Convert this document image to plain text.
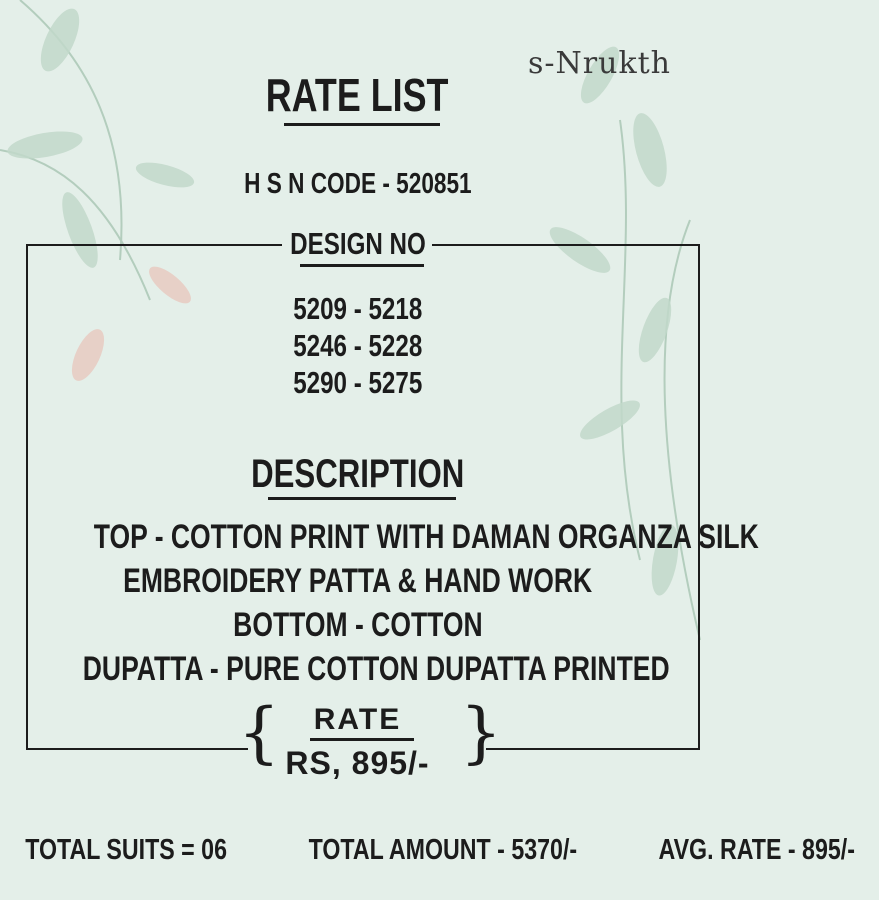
s-Nrukth
RATE LIST
H S N CODE - 520851
DESIGN NO
5209 - 5218
5246 - 5228
5290 - 5275
DESCRIPTION
TOP - COTTON PRINT WITH DAMAN ORGANZA SILK
EMBROIDERY PATTA & HAND WORK
BOTTOM - COTTON
DUPATTA - PURE COTTON DUPATTA PRINTED
{	}
RATE
RS, 895/-
TOTAL SUITS = 06	TOTAL AMOUNT - 5370/-	AVG. RATE - 895/-
